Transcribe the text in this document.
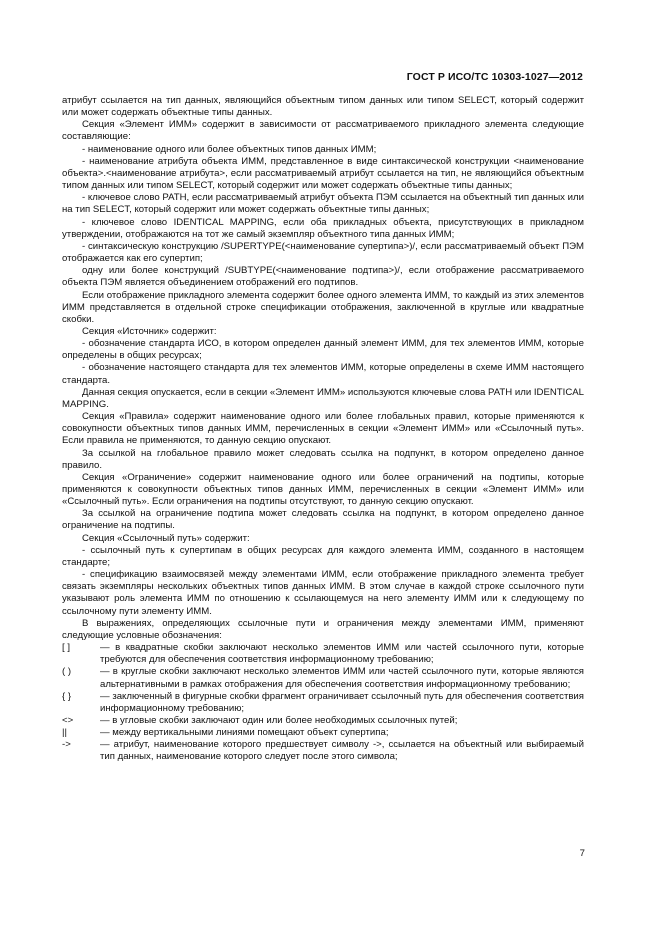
ГОСТ Р ИСО/ТС 10303-1027—2012

атрибут ссылается на тип данных, являющийся объектным типом данных или типом SELECT, который содержит или может содержать объектные типы данных.

Секция «Элемент ИММ» содержит в зависимости от рассматриваемого прикладного элемента следующие составляющие:

- наименование одного или более объектных типов данных ИММ;

- наименование атрибута объекта ИММ, представленное в виде синтаксической конструкции <наименование объекта>.<наименование атрибута>, если рассматриваемый атрибут ссылается на тип, не являющийся объектным типом данных или типом SELECT, который содержит или может содержать объектные типы данных;

- ключевое слово PATH, если рассматриваемый атрибут объекта ПЭМ ссылается на объектный тип данных или на тип SELECT, который содержит или может содержать объектные типы данных;

- ключевое слово IDENTICAL MAPPING, если оба прикладных объекта, присутствующих в прикладном утверждении, отображаются на тот же самый экземпляр объектного типа данных ИММ;

- синтаксическую конструкцию /SUPERTYPE(<наименование супертипа>)/, если рассматриваемый объект ПЭМ отображается как его супертип;

одну или более конструкций /SUBTYPE(<наименование подтипа>)/, если отображение рассматриваемого объекта ПЭМ является объединением отображений его подтипов.

Если отображение прикладного элемента содержит более одного элемента ИММ, то каждый из этих элементов ИММ представляется в отдельной строке спецификации отображения, заключенной в круглые или квадратные скобки.

Секция «Источник» содержит:

- обозначение стандарта ИСО, в котором определен данный элемент ИММ, для тех элементов ИММ, которые определены в общих ресурсах;

- обозначение настоящего стандарта для тех элементов ИММ, которые определены в схеме ИММ настоящего стандарта.

Данная секция опускается, если в секции «Элемент ИММ» используются ключевые слова PATH или IDENTICAL MAPPING.

Секция «Правила» содержит наименование одного или более глобальных правил, которые применяются к совокупности объектных типов данных ИММ, перечисленных в секции «Элемент ИММ» или «Ссылочный путь». Если правила не применяются, то данную секцию опускают.

За ссылкой на глобальное правило может следовать ссылка на подпункт, в котором определено данное правило.

Секция «Ограничение» содержит наименование одного или более ограничений на подтипы, которые применяются к совокупности объектных типов данных ИММ, перечисленных в секции «Элемент ИММ» или «Ссылочный путь». Если ограничения на подтипы отсутствуют, то данную секцию опускают.

За ссылкой на ограничение подтипа может следовать ссылка на подпункт, в котором определено данное ограничение на подтипы.

Секция «Ссылочный путь» содержит:

- ссылочный путь к супертипам в общих ресурсах для каждого элемента ИММ, созданного в настоящем стандарте;

- спецификацию взаимосвязей между элементами ИММ, если отображение прикладного элемента требует связать экземпляры нескольких объектных типов данных ИММ. В этом случае в каждой строке ссылочного пути указывают роль элемента ИММ по отношению к ссылающемуся на него элементу ИММ или к следующему по ссылочному пути элементу ИММ.

В выражениях, определяющих ссылочные пути и ограничения между элементами ИММ, применяют следующие условные обозначения:

[ ]	— в квадратные скобки заключают несколько элементов ИММ или частей ссылочного пути, которые требуются для обеспечения соответствия информационному требованию;
( )	— в круглые скобки заключают несколько элементов ИММ или частей ссылочного пути, которые являются альтернативными в рамках отображения для обеспечения соответствия информационному требованию;
{ }	— заключенный в фигурные скобки фрагмент ограничивает ссылочный путь для обеспечения соответствия информационному требованию;
<>	— в угловые скобки заключают один или более необходимых ссылочных путей;
||	— между вертикальными линиями помещают объект супертипа;
->	— атрибут, наименование которого предшествует символу ->, ссылается на объектный или выбираемый тип данных, наименование которого следует после этого символа;
7
